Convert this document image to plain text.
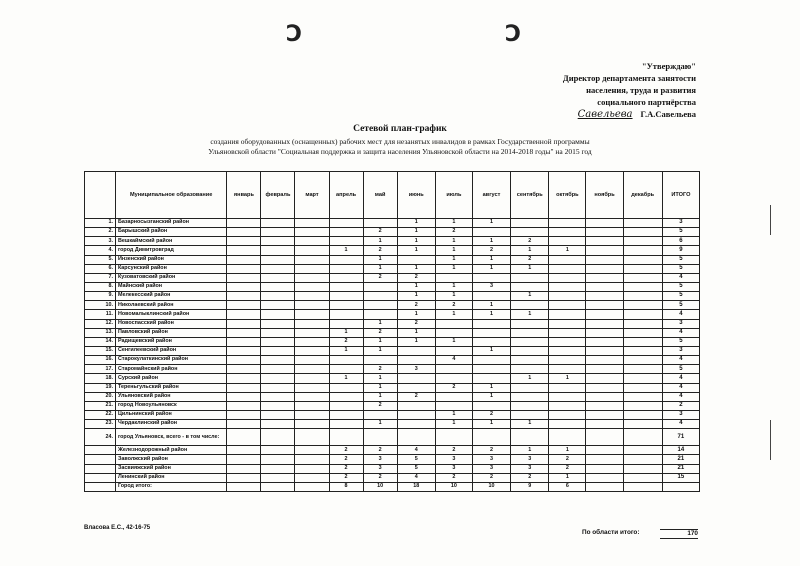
Ↄ	Ↄ
"Утверждаю"
Директор департамента занятости
населения, труда и развития
социального партнёрства
Савельева Г.А.Савельева
Сетевой план-график
создания оборудованных (оснащенных) рабочих мест для незанятых инвалидов в рамках Государственной программы
Ульяновской области "Социальная поддержка и защита населения Ульяновской области на 2014-2018 годы" на 2015 год
	Муниципальное образование	январь	февраль	март	апрель	май	июнь	июль	август	сентябрь	октябрь	ноябрь	декабрь	ИТОГО
1.	Базарносызганский район						1	1	1					3
2.	Барышский район					2	1	2						5
3.	Вешкаймский район					1	1	1	1	2				6
4.	город Димитровград				1	2	1	1	2	1	1			9
5.	Инзенский район					1		1	1	2				5
6.	Карсунский район					1	1	1	1	1				5
7.	Кузоватовский район					2	2							4
8.	Майнский район						1	1	3					5
9.	Мелекесский район						1	1		1				5
10.	Николаевский район						2	2	1					5
11.	Новомалыклинский район						1	1	1	1				4
12.	Новоспасский район					1	2							3
13.	Павловский район				1	2	1							4
14.	Радищевский район				2	1	1	1						5
15.	Сенгилеевский район				1	1			1					3
16.	Старокулаткинский район							4						4
17.	Старомайнский район					2	3							5
18.	Сурский район				1	1				1	1			4
19.	Тереньгульский район					1		2	1					4
20.	Ульяновский район					1	2		1					4
21.	город Новоульяновск					2								2
22.	Цильнинский район							1	2					3
23.	Чердаклинский район					1		1	1	1				4
24.	город Ульяновск, всего - в том числе:													71
	Железнодорожный район				2	2	4	2	2	1	1			14
	Заволжский район				2	3	5	3	3	3	2			21
	Засвияжский район				2	3	5	3	3	3	2			21
	Ленинский район				2	2	4	2	2	2	1			15
	Город итого:				8	10	18	10	10	9	6			
Власова Е.С., 42-16-75
По области итого:	170
